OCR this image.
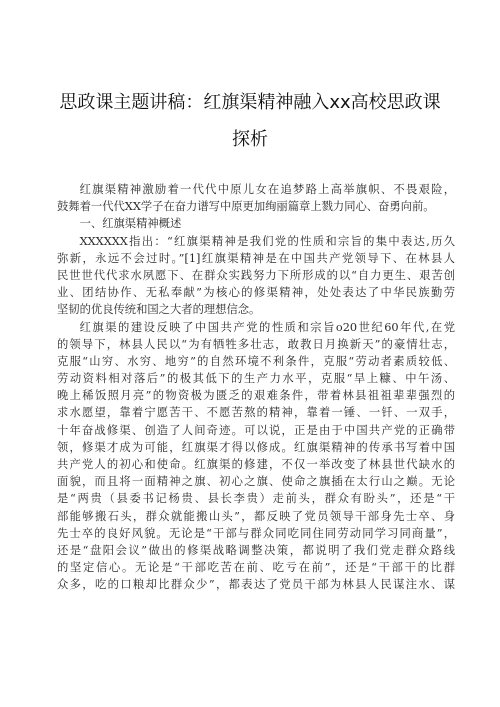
思政课主题讲稿：红旗渠精神融入xx高校思政课
探析
红旗渠精神激励着一代代中原儿女在追梦路上高举旗帜、不畏艰险，
鼓舞着一代代XX学子在奋力谱写中原更加绚丽篇章上戮力同心、奋勇向前。
一、红旗渠精神概述
XXXXXX指出：“红旗渠精神是我们党的性质和宗旨的集中表达,历久
弥新，永远不会过时。”[1]红旗渠精神是在中国共产党领导下、在林县人
民世世代代求水夙愿下、在群众实践努力下所形成的以“自力更生、艰苦创
业、团结协作、无私奉献”为核心的修渠精神，处处表达了中华民族勤劳
坚韧的优良传统和国之大者的理想信念。
红旗渠的建设反映了中国共产党的性质和宗旨o20世纪60年代,在党
的领导下，林县人民以“为有牺牲多壮志，敢教日月换新天”的豪情壮志，
克服“山穷、水穷、地穷”的自然环境不利条件，克服“劳动者素质较低、
劳动资料相对落后”的极其低下的生产力水平，克服“旱上糠、中午汤、
晚上稀饭照月亮”的物资极为匮乏的艰难条件，带着林县祖祖辈辈强烈的
求水愿望，靠着宁愿苦干、不愿苦熬的精神，靠着一锤、一钎、一双手，
十年奋战修渠、创造了人间奇迹。可以说，正是由于中国共产党的正确带
领，修渠才成为可能，红旗渠才得以修成。红旗渠精神的传承书写着中国
共产党人的初心和使命。红旗渠的修建，不仅一举改变了林县世代缺水的
面貌，而且将一面精神之旗、初心之旗、使命之旗插在太行山之巅。无论
是“两贵（县委书记杨贵、县长李贵）走前头，群众有盼头”，还是“干
部能够搬石头，群众就能搬山头”，都反映了党员领导干部身先士卒、身
先士卒的良好风貌。无论是“干部与群众同吃同住同劳动同学习同商量”，
还是“盘阳会议”做出的修渠战略调整决策，都说明了我们党走群众路线
的坚定信心。无论是“干部吃苦在前、吃亏在前”，还是“干部干的比群
众多，吃的口粮却比群众少”，都表达了党员干部为林县人民谋注水、谋
